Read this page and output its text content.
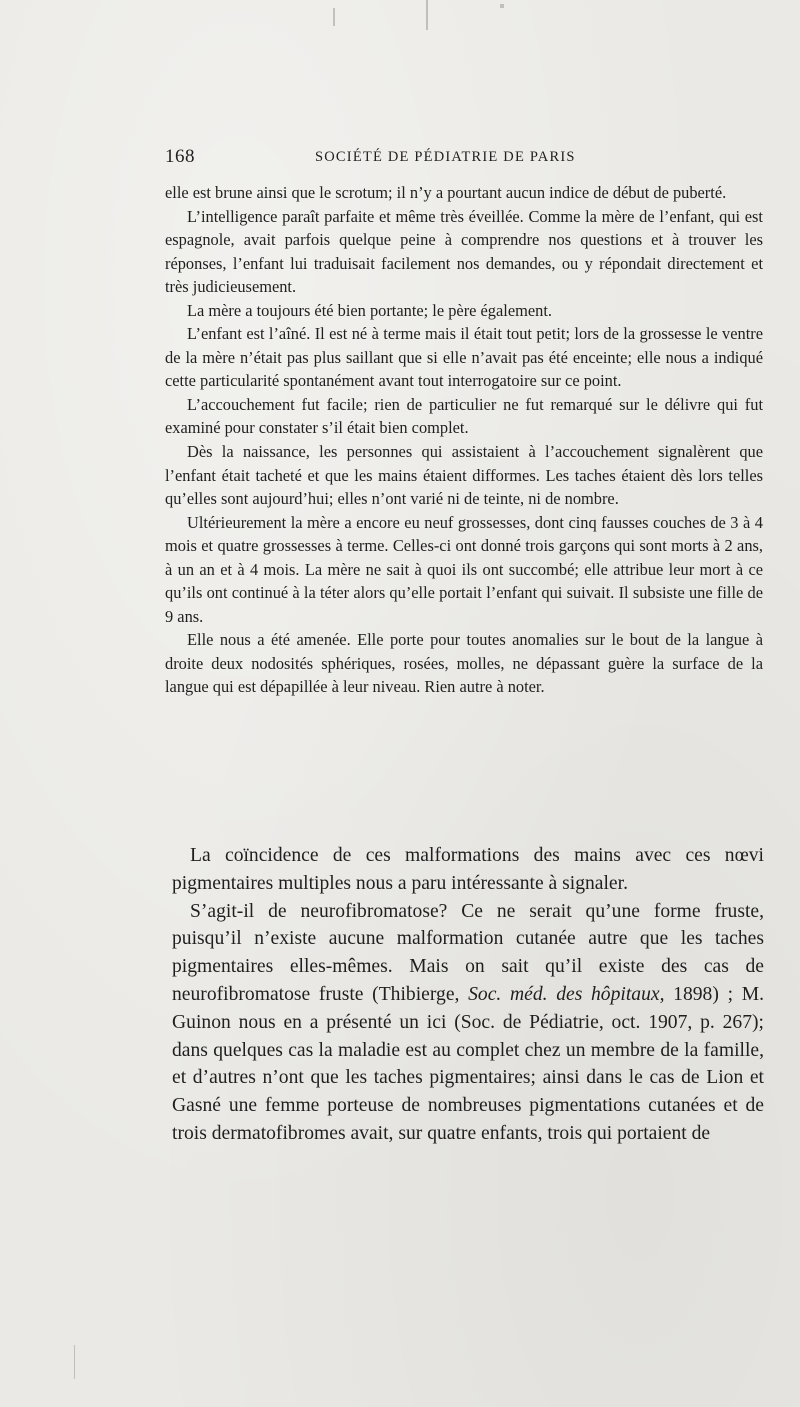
168	SOCIÉTÉ DE PÉDIATRIE DE PARIS

elle est brune ainsi que le scrotum; il n’y a pourtant aucun indice de début de puberté.

L’intelligence paraît parfaite et même très éveillée. Comme la mère de l’enfant, qui est espagnole, avait parfois quelque peine à comprendre nos questions et à trouver les réponses, l’enfant lui traduisait facilement nos demandes, ou y répondait directement et très judicieusement.

La mère a toujours été bien portante; le père également.

L’enfant est l’aîné. Il est né à terme mais il était tout petit; lors de la grossesse le ventre de la mère n’était pas plus saillant que si elle n’avait pas été enceinte; elle nous a indiqué cette particularité spontanément avant tout interrogatoire sur ce point.

L’accouchement fut facile; rien de particulier ne fut remarqué sur le délivre qui fut examiné pour constater s’il était bien complet.

Dès la naissance, les personnes qui assistaient à l’accouchement signalèrent que l’enfant était tacheté et que les mains étaient difformes. Les taches étaient dès lors telles qu’elles sont aujourd’hui; elles n’ont varié ni de teinte, ni de nombre.

Ultérieurement la mère a encore eu neuf grossesses, dont cinq fausses couches de 3 à 4 mois et quatre grossesses à terme. Celles-ci ont donné trois garçons qui sont morts à 2 ans, à un an et à 4 mois. La mère ne sait à quoi ils ont succombé; elle attribue leur mort à ce qu’ils ont continué à la téter alors qu’elle portait l’enfant qui suivait. Il subsiste une fille de 9 ans.

Elle nous a été amenée. Elle porte pour toutes anomalies sur le bout de la langue à droite deux nodosités sphériques, rosées, molles, ne dépassant guère la surface de la langue qui est dépapillée à leur niveau. Rien autre à noter.

La coïncidence de ces malformations des mains avec ces nœvi pigmentaires multiples nous a paru intéressante à signaler.

S’agit-il de neurofibromatose? Ce ne serait qu’une forme fruste, puisqu’il n’existe aucune malformation cutanée autre que les taches pigmentaires elles-mêmes. Mais on sait qu’il existe des cas de neurofibromatose fruste (Thibierge, Soc. méd. des hôpitaux, 1898) ; M. Guinon nous en a présenté un ici (Soc. de Pédiatrie, oct. 1907, p. 267); dans quelques cas la maladie est au complet chez un membre de la famille, et d’autres n’ont que les taches pigmentaires; ainsi dans le cas de Lion et Gasné une femme porteuse de nombreuses pigmentations cutanées et de trois dermatofibromes avait, sur quatre enfants, trois qui portaient de
